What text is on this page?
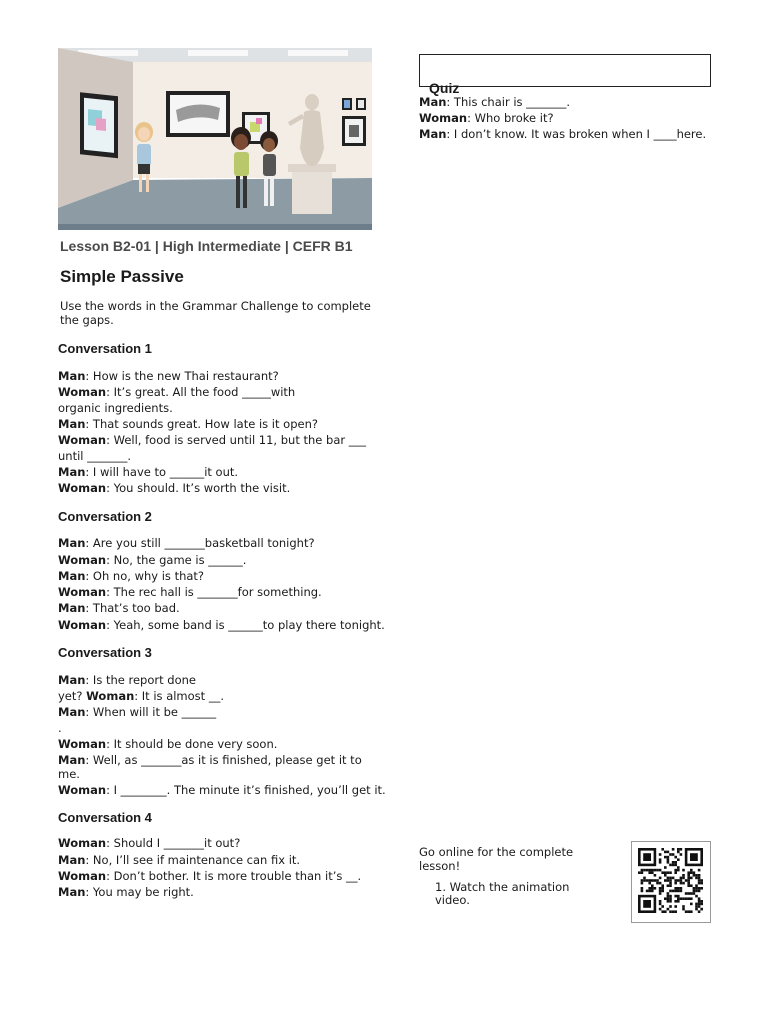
Lesson B2-01 | High Intermediate | CEFR B1
Simple Passive
Use the words in the Grammar Challenge to complete the gaps.
Conversation 1
Man: How is the new Thai restaurant?
Woman: It’s great. All the food _____with
organic ingredients.
Man: That sounds great. How late is it open?
Woman: Well, food is served until 11, but the bar ___
until _______.
Man: I will have to ______it out.
Woman: You should. It’s worth the visit.
Conversation 2
Man: Are you still _______basketball tonight?
Woman: No, the game is ______.
Man: Oh no, why is that?
Woman: The rec hall is _______for something.
Man: That’s too bad.
Woman: Yeah, some band is ______to play there tonight.
Conversation 3
Man: Is the report done
yet? Woman: It is almost __.
Man: When will it be ______
.
Woman: It should be done very soon.
Man: Well, as _______as it is finished, please get it to
me.
Woman: I ________. The minute it’s finished, you’ll get it.
Conversation 4
Woman: Should I _______it out?
Man: No, I’ll see if maintenance can fix it.
Woman: Don’t bother. It is more trouble than it’s __.
Man: You may be right.
Quiz
Man: This chair is _______.
Woman: Who broke it?
Man: I don’t know. It was broken when I ____here.
Go online for the complete lesson!
1. Watch the animation video.
